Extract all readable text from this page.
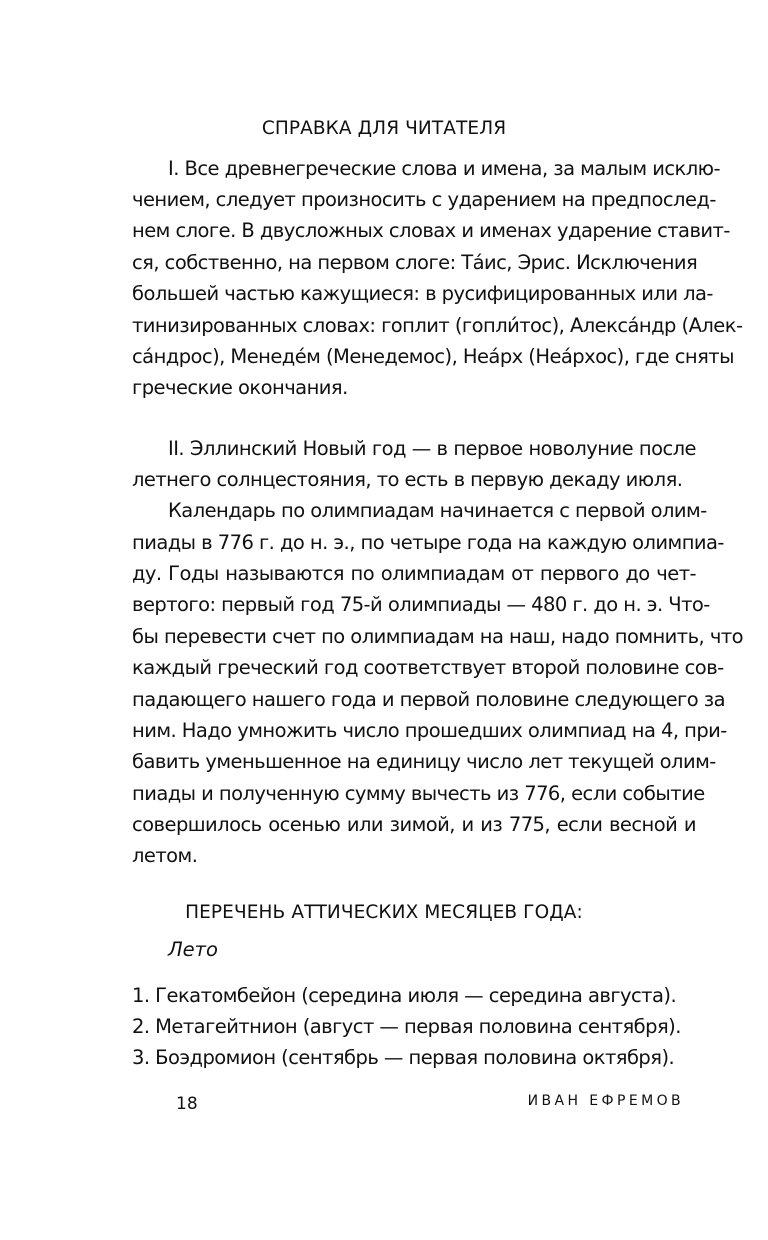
СПРАВКА ДЛЯ ЧИТАТЕЛЯ
I. Все древнегреческие слова и имена, за малым исклю-
чением, следует произносить с ударением на предпослед-
нем слоге. В двусложных словах и именах ударение ставит-
ся, собственно, на первом слоге: Та́ис, Эрис. Исключения
большей частью кажущиеся: в русифицированных или ла-
тинизированных словах: гоплит (гопли́тос), Алекса́ндр (Алек-
са́ндрос), Менеде́м (Менедемос), Неа́рх (Неа́рхос), где сняты
греческие окончания.
II. Эллинский Новый год — в первое новолуние после
летнего солнцестояния, то есть в первую декаду июля.
Календарь по олимпиадам начинается с первой олим-
пиады в 776 г. до н. э., по четыре года на каждую олимпиа-
ду. Годы называются по олимпиадам от первого до чет-
вертого: первый год 75-й олимпиады — 480 г. до н. э. Что-
бы перевести счет по олимпиадам на наш, надо помнить, что
каждый греческий год соответствует второй половине сов-
падающего нашего года и первой половине следующего за
ним. Надо умножить число прошедших олимпиад на 4, при-
бавить уменьшенное на единицу число лет текущей олим-
пиады и полученную сумму вычесть из 776, если событие
совершилось осенью или зимой, и из 775, если весной и
летом.
ПЕРЕЧЕНЬ АТТИЧЕСКИХ МЕСЯЦЕВ ГОДА:
Лето
1. Гекатомбейон (середина июля — середина августа).
2. Метагейтнион (август — первая половина сентября).
3. Боэдромион (сентябрь — первая половина октября).
18	ИВАН ЕФРЕМОВ
